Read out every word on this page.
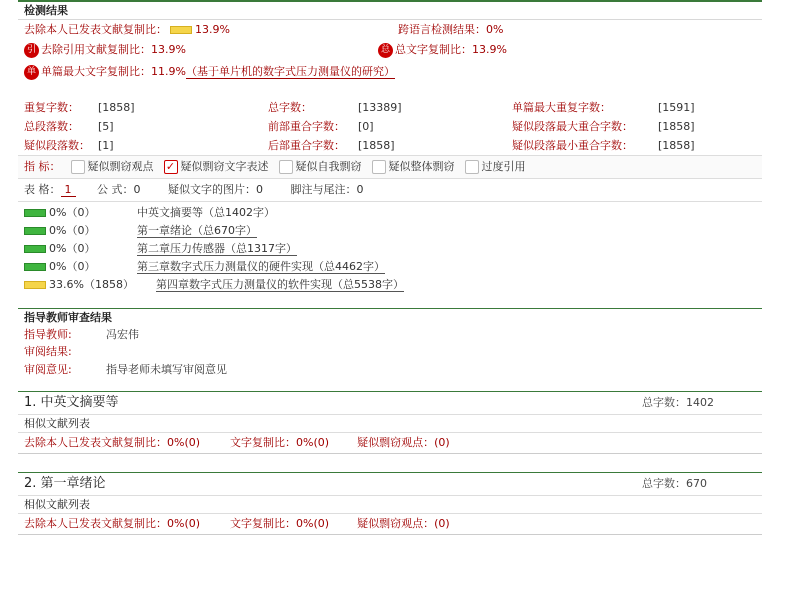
检测结果
去除本人已发表文献复制比：	13.9%	跨语言检测结果：0%
引 去除引用文献复制比：13.9%	总 总文字复制比：13.9%
单 单篇最大文字复制比：11.9%（基于单片机的数字式压力测量仪的研究）
重复字数： [1858]	总字数：	[13389]	单篇最大重复字数：	[1591]
总段落数： [5]	前部重合字数： [0]	疑似段落最大重合字数： [1858]
疑似段落数： [1]	后部重合字数： [1858]	疑似段落最小重合字数： [1858]
指 标： 疑似剽窃观点 ✓ 疑似剽窃文字表述 疑似自我剽窃 疑似整体剽窃 过度引用
表 格： 1 公 式：0	疑似文字的图片：0	脚注与尾注：0
0%（0）	中英文摘要等（总1402字）
0%（0）	第一章绪论（总670字）
0%（0）	第二章压力传感器（总1317字）
0%（0）	第三章数字式压力测量仪的硬件实现（总4462字）
33.6%（1858） 第四章数字式压力测量仪的软件实现（总5538字）
指导教师审查结果
指导教师:	冯宏伟
审阅结果:
审阅意见:	指导老师未填写审阅意见
1. 中英文摘要等	总字数：1402
相似文献列表
去除本人已发表文献复制比：0%(0)	文字复制比：0%(0)	疑似剽窃观点：(0)
2. 第一章绪论	总字数：670
相似文献列表
去除本人已发表文献复制比：0%(0)	文字复制比：0%(0)	疑似剽窃观点：(0)
